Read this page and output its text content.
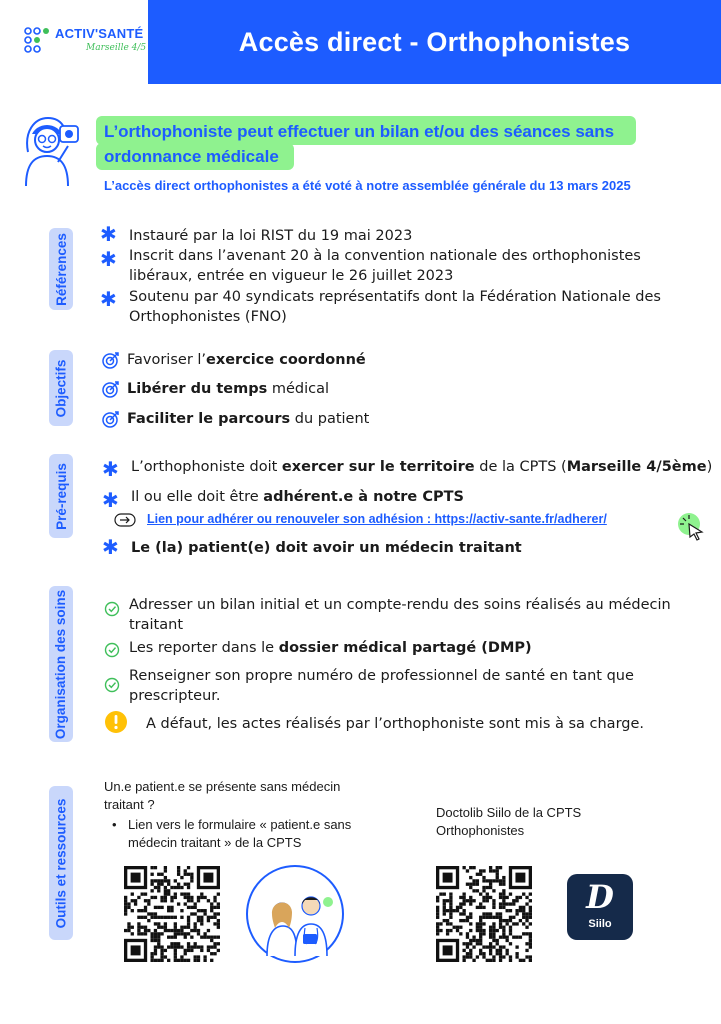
Accès direct - Orthophonistes
ACTIV'SANTÉ
Marseille 4/5
L’orthophoniste peut effectuer un bilan et/ou des séances sans
ordonnance médicale
L’accès direct orthophonistes a été voté à notre assemblée générale du 13 mars 2025
Références ✱ Instauré par la loi RIST du 19 mai 2023
✱ Inscrit dans l’avenant 20 à la convention nationale des orthophonistes
libéraux, entrée en vigueur le 26 juillet 2023
✱ Soutenu par 40 syndicats représentatifs dont la Fédération Nationale des
Orthophonistes (FNO)
Objectifs	Favoriser l’exercice coordonné
Libérer du temps médical
Faciliter le parcours du patient
Pré-requis ✱ L’orthophoniste doit exercer sur le territoire de la CPTS (Marseille 4/5ème)
✱ Il ou elle doit être adhérent.e à notre CPTS
Lien pour adhérer ou renouveler son adhésion : https://activ-sante.fr/adherer/
✱ Le (la) patient(e) doit avoir un médecin traitant
Organisation des soins	Adresser un bilan initial et un compte-rendu des soins réalisés au médecin
traitant
Les reporter dans le dossier médical partagé (DMP)
Renseigner son propre numéro de professionnel de santé en tant que
prescripteur.
A défaut, les actes réalisés par l’orthophoniste sont mis à sa charge.
Outils et ressources
Un.e patient.e se présente sans médecin
traitant ?
• Lien vers le formulaire « patient.e sans
médecin traitant » de la CPTS
Doctolib Siilo de la CPTS
Orthophonistes
D
Siilo
